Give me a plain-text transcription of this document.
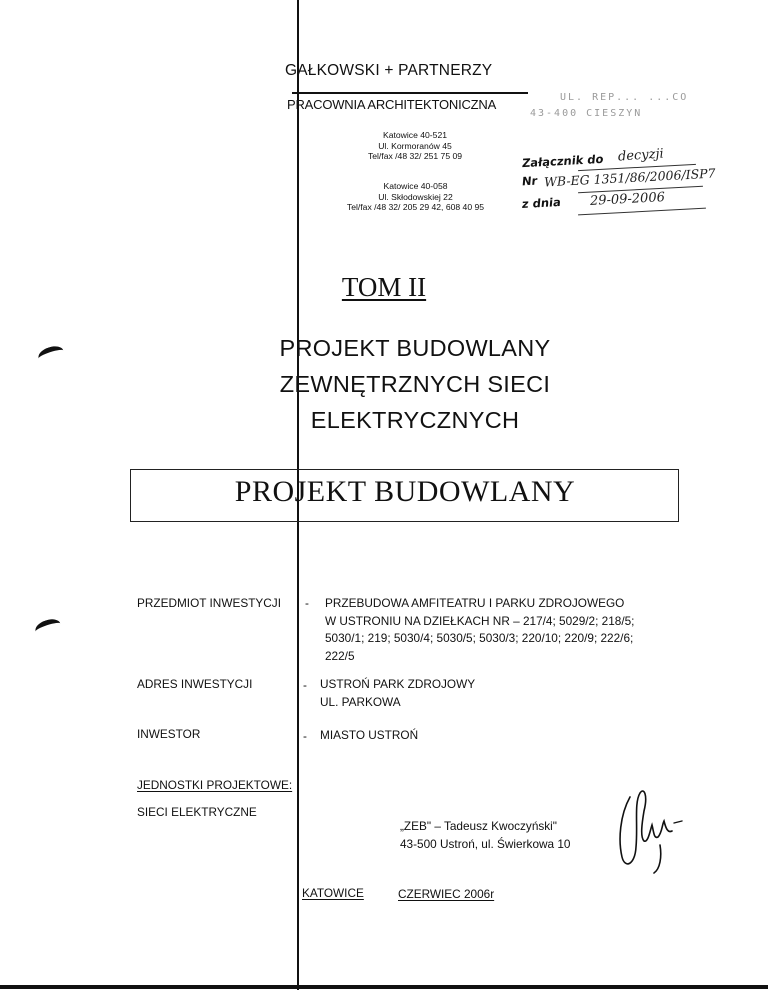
GAŁKOWSKI + PARTNERZY
PRACOWNIA ARCHITEKTONICZNA
Katowice 40-521
Ul. Kormoranów 45
Tel/fax /48 32/ 251 75 09
Katowice 40-058
Ul. Skłodowskiej 22
Tel/fax /48 32/ 205 29 42, 608 40 95
UL. REP... ...CO
43-400 CIESZYN
Załącznik do
Nr
z dnia
decyzji
WB-EG 1351/86/2006/ISP7
29-09-2006
TOM II
PROJEKT BUDOWLANY
ZEWNĘTRZNYCH SIECI
ELEKTRYCZNYCH
PROJEKT BUDOWLANY
PRZEDMIOT INWESTYCJI - PRZEBUDOWA AMFITEATRU I PARKU ZDROJOWEGO
W USTRONIU NA DZIEŁKACH NR – 217/4; 5029/2; 218/5;
5030/1; 219; 5030/4; 5030/5; 5030/3; 220/10; 220/9; 222/6;
222/5
ADRES INWESTYCJI	- USTROŃ PARK ZDROJOWY
UL. PARKOWA
INWESTOR	- MIASTO USTROŃ
JEDNOSTKI PROJEKTOWE:
SIECI ELEKTRYCZNE
„ZEB" – Tadeusz Kwoczyński"
43-500 Ustroń, ul. Świerkowa 10
KATOWICE	CZERWIEC 2006r
